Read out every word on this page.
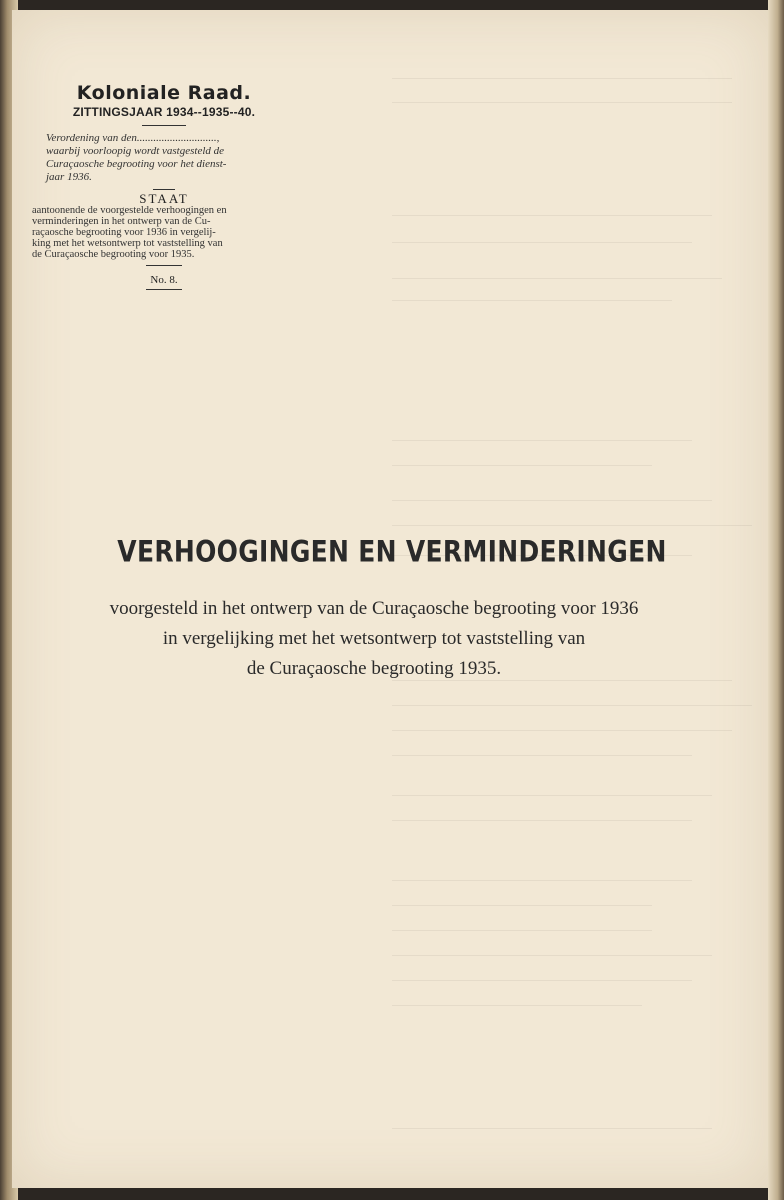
Koloniale Raad.
ZITTINGSJAAR 1934--1935--40.
Verordening van den.............................,
waarbij voorloopig wordt vastgesteld de
Curaçaosche begrooting voor het dienst-
jaar 1936.
STAAT
aantoonende de voorgestelde verhoogingen en
verminderingen in het ontwerp van de Cu-
raçaosche begrooting voor 1936 in vergelij-
king met het wetsontwerp tot vaststelling van
de Curaçaosche begrooting voor 1935.
No. 8.
VERHOOGINGEN EN VERMINDERINGEN
voorgesteld in het ontwerp van de Curaçaosche begrooting voor 1936
in vergelijking met het wetsontwerp tot vaststelling van
de Curaçaosche begrooting 1935.
